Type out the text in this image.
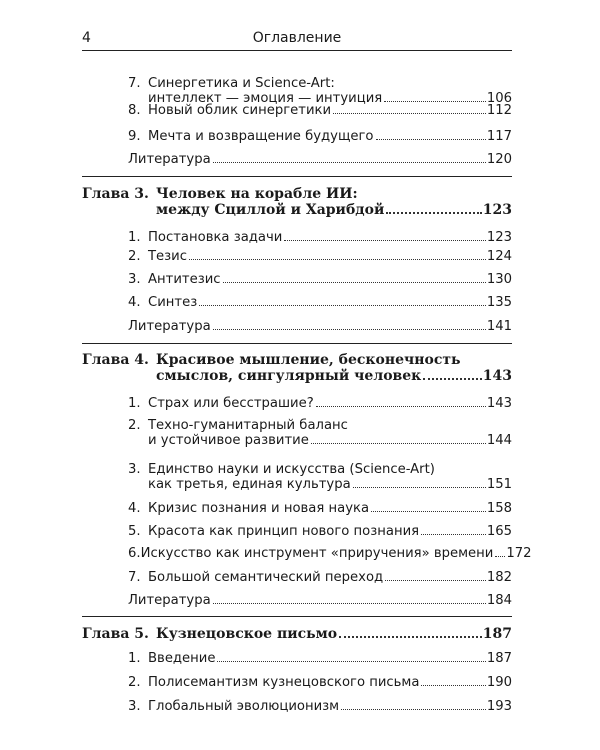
4	Оглавление
7. Синергетика и Science-Art:
интеллект — эмоция — интуиция	106
8. Новый облик синергетики	112
9. Мечта и возвращение будущего	117
Литература	120
Глава 3. Человек на корабле ИИ:
между Сциллой и Харибдой	123
1. Постановка задачи	123
2. Тезис	124
3. Антитезис	130
4. Синтез	135
Литература	141
Глава 4. Красивое мышление, бесконечность
смыслов, сингулярный человек	143
1. Страх или бесстрашие?	143
2. Техно-гуманитарный баланс
и устойчивое развитие	144
3. Единство науки и искусства (Science-Art)
как третья, единая культура	151
4. Кризис познания и новая наука	158
5. Красота как принцип нового познания	165
6. Искусство как инструмент «приручения» времени 172
7. Большой семантический переход	182
Литература	184
Глава 5. Кузнецовское письмо	187
1. Введение	187
2. Полисемантизм кузнецовского письма	190
3. Глобальный эволюционизм	193
